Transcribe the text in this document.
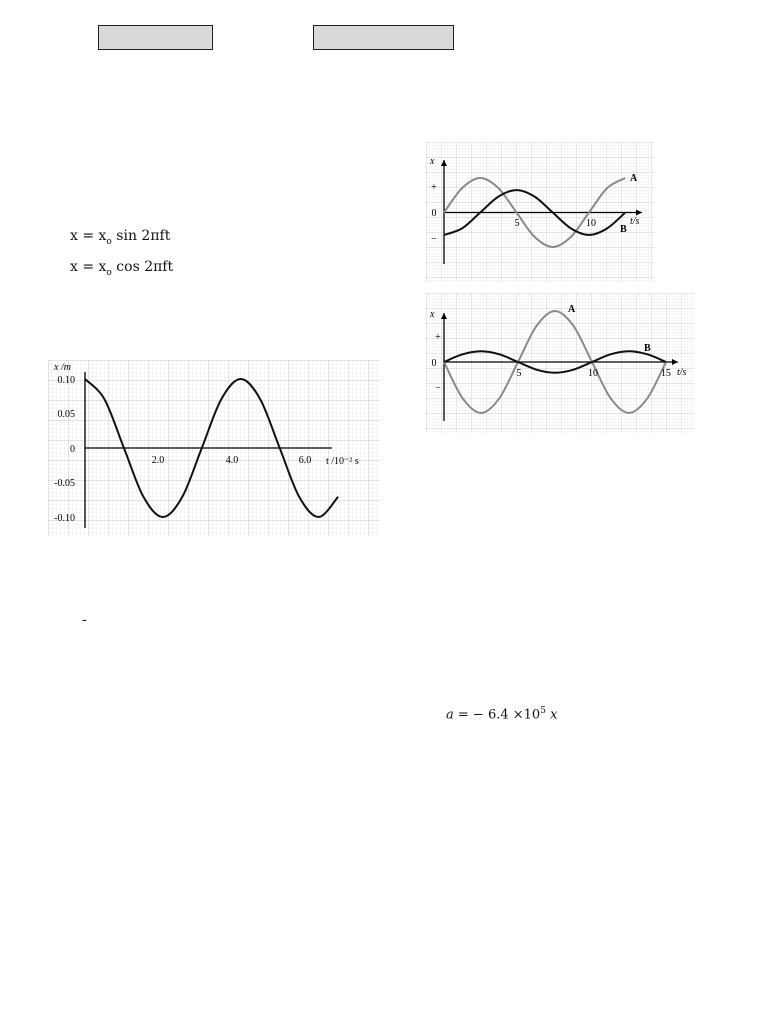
$x = x_o$ sin 2πft
$x = x_o$ cos 2πft
-
a = − $6.4 \times 10^5$ x
x /m
t /10⁻² s
0.10
0.05
0
-0.05
-0.10
2.0	4.0	6.0
x
t/s
+
0
−
5	10
A
B
x
t/s
+
0
−
5	10	15
A
B
